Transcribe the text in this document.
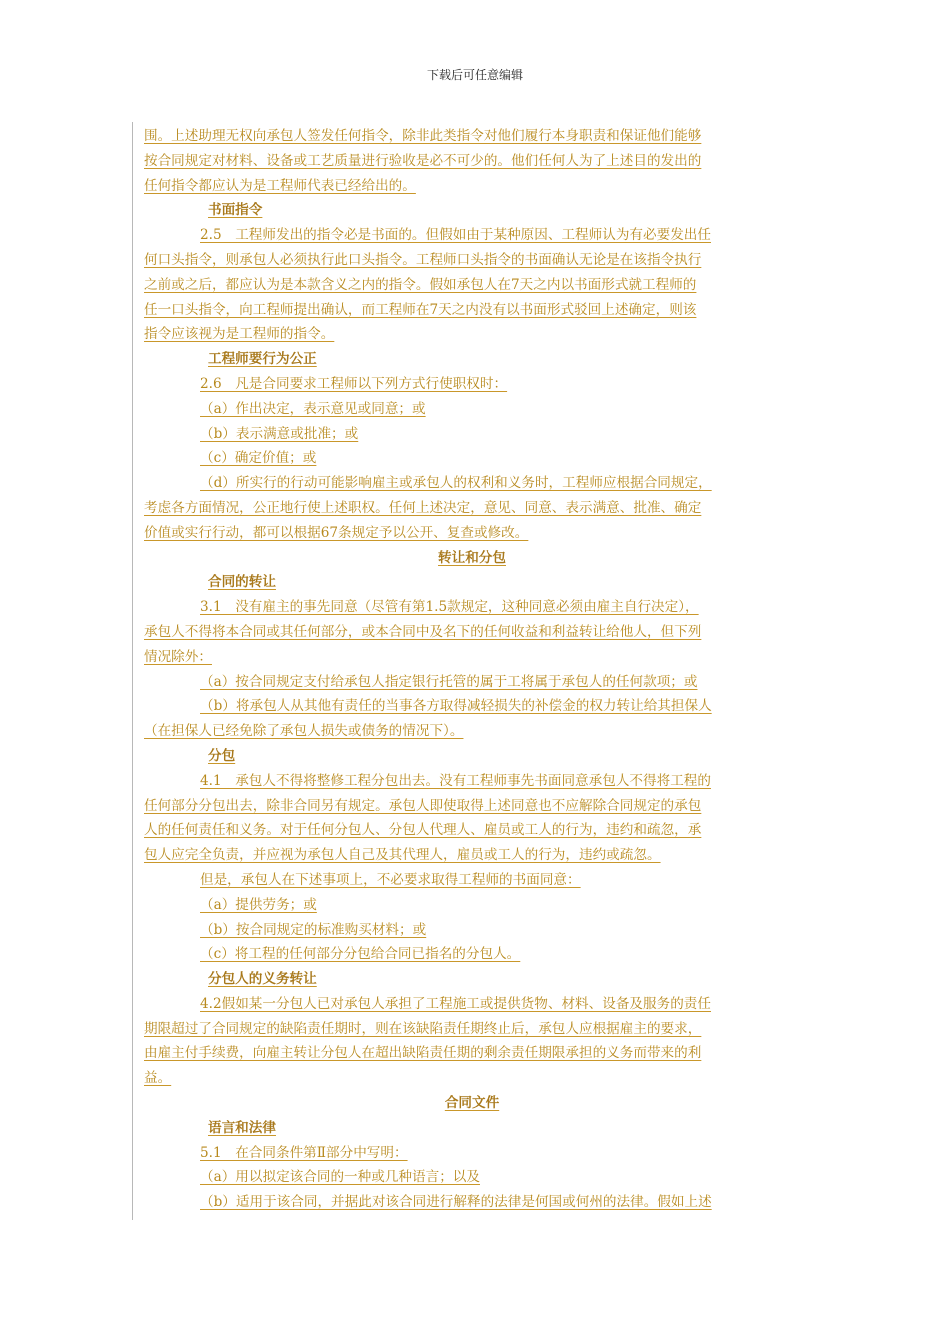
下载后可任意编辑
围。上述助理无权向承包人签发任何指令，除非此类指令对他们履行本身职责和保证他们能够
按合同规定对材料、设备或工艺质量进行验收是必不可少的。他们任何人为了上述目的发出的
任何指令都应认为是工程师代表已经给出的。
书面指令
2.5　工程师发出的指令必是书面的。但假如由于某种原因、工程师认为有必要发出任
何口头指令，则承包人必须执行此口头指令。工程师口头指令的书面确认无论是在该指令执行
之前或之后，都应认为是本款含义之内的指令。假如承包人在7天之内以书面形式就工程师的
任一口头指令，向工程师提出确认，而工程师在7天之内没有以书面形式驳回上述确定，则该
指令应该视为是工程师的指令。
工程师要行为公正
2.6　凡是合同要求工程师以下列方式行使职权时：
（a）作出决定，表示意见或同意；或
（b）表示满意或批准；或
（c）确定价值；或
（d）所实行的行动可能影响雇主或承包人的权利和义务时，工程师应根据合同规定，
考虑各方面情况，公正地行使上述职权。任何上述决定，意见、同意、表示满意、批准、确定
价值或实行行动，都可以根据67条规定予以公开、复查或修改。
转让和分包
合同的转让
3.1　没有雇主的事先同意（尽管有第1.5款规定，这种同意必须由雇主自行决定），
承包人不得将本合同或其任何部分，或本合同中及名下的任何收益和利益转让给他人，但下列
情况除外：
（a）按合同规定支付给承包人指定银行托管的属于工将属于承包人的任何款项；或
（b）将承包人从其他有责任的当事各方取得减轻损失的补偿金的权力转让给其担保人
（在担保人已经免除了承包人损失或债务的情况下）。
分包
4.1　承包人不得将整修工程分包出去。没有工程师事先书面同意承包人不得将工程的
任何部分分包出去，除非合同另有规定。承包人即使取得上述同意也不应解除合同规定的承包
人的任何责任和义务。对于任何分包人、分包人代理人、雇员或工人的行为，违约和疏忽，承
包人应完全负责，并应视为承包人自己及其代理人，雇员或工人的行为，违约或疏忽。
但是，承包人在下述事项上，不必要求取得工程师的书面同意：
（a）提供劳务；或
（b）按合同规定的标准购买材料；或
（c）将工程的任何部分分包给合同已指名的分包人。
分包人的义务转让
4.2假如某一分包人已对承包人承担了工程施工或提供货物、材料、设备及服务的责任
期限超过了合同规定的缺陷责任期时，则在该缺陷责任期终止后，承包人应根据雇主的要求，
由雇主付手续费，向雇主转让分包人在超出缺陷责任期的剩余责任期限承担的义务而带来的利
益。
合同文件
语言和法律
5.1　在合同条件第Ⅱ部分中写明：
（a）用以拟定该合同的一种或几种语言；以及
（b）适用于该合同，并据此对该合同进行解释的法律是何国或何州的法律。假如上述
